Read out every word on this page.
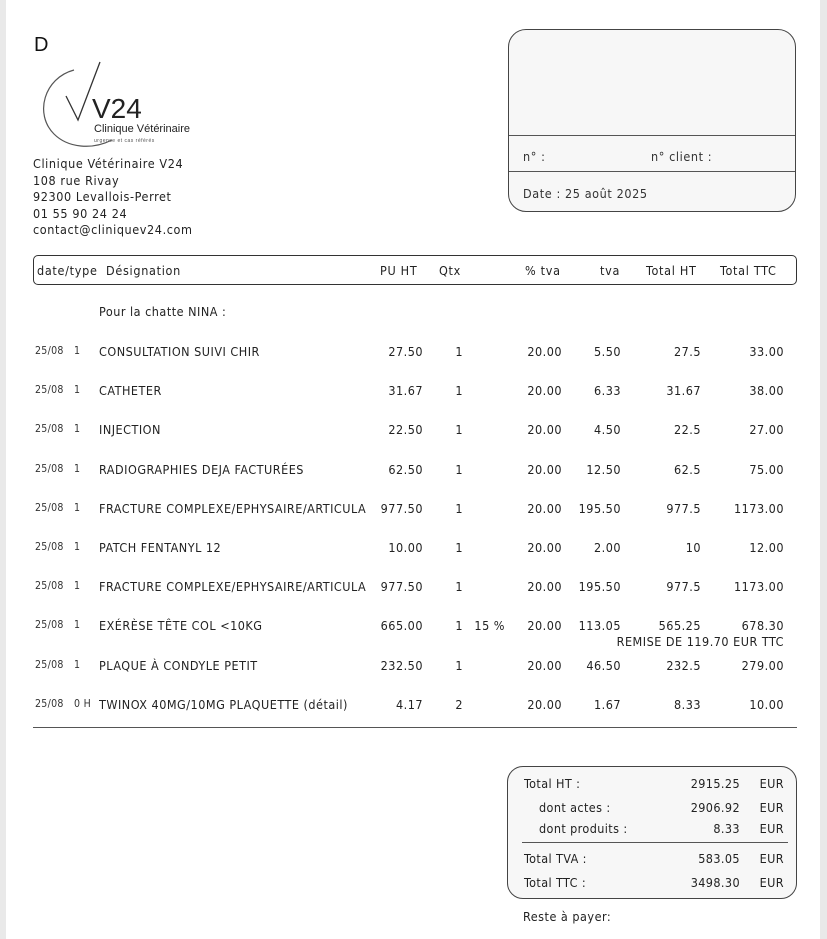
D
V24
Clinique Vétérinaire
urgence et cas référés
Clinique Vétérinaire V24
108 rue Rivay
92300 Levallois-Perret
01 55 90 24 24
contact@cliniquev24.com
n° :	n° client :
Date : 25 août 2025
date/type Désignation	PU HT Qtx	% tva	tva Total HT Total TTC
Pour la chatte NINA :
25/08 1 CONSULTATION SUIVI CHIR	27.50	1	20.00	5.50	27.5	33.00
25/08 1 CATHETER	31.67	1	20.00	6.33	31.67	38.00
25/08 1 INJECTION	22.50	1	20.00	4.50	22.5	27.00
25/08 1 RADIOGRAPHIES DEJA FACTURÉES	62.50	1	20.00 12.50	62.5	75.00
25/08 1 FRACTURE COMPLEXE/EPHYSAIRE/ARTICULA 977.50	1	20.00 195.50	977.5	1173.00
25/08 1 PATCH FENTANYL 12	10.00	1	20.00	2.00	10	12.00
25/08 1 FRACTURE COMPLEXE/EPHYSAIRE/ARTICULA 977.50	1	20.00 195.50	977.5	1173.00
25/08 1 EXÉRÈSE TÊTE COL <10KG	665.00	1 15 % 20.00 113.05	565.25	678.30
25/08 1 PLAQUE À CONDYLE PETIT	232.50	1	20.00 46.50	232.5	279.00
25/08 0 H TWINOX 40MG/10MG PLAQUETTE (détail)	4.17	2	20.00	1.67	8.33	10.00
REMISE DE 119.70 EUR TTC
Total HT :	2915.25 EUR
dont actes :	2906.92 EUR
dont produits :	8.33 EUR
Total TVA :	583.05 EUR
Total TTC :	3498.30 EUR
Reste à payer:
